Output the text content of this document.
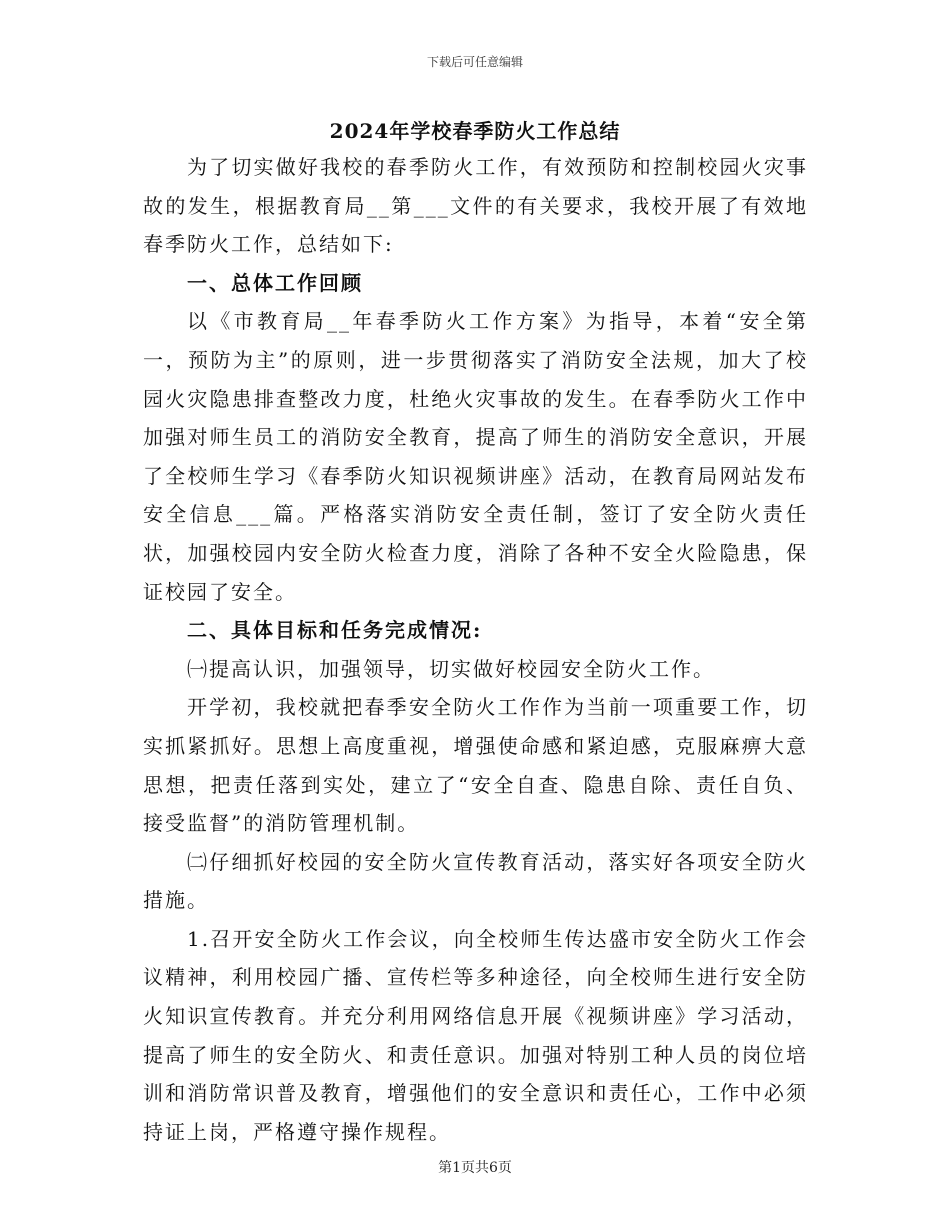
下载后可任意编辑
2024年学校春季防火工作总结

为了切实做好我校的春季防火工作，有效预防和控制校园火灾事故的发生，根据教育局__第___文件的有关要求，我校开展了有效地春季防火工作，总结如下:

一、总体工作回顾

以《市教育局__年春季防火工作方案》为指导，本着“安全第一，预防为主”的原则，进一步贯彻落实了消防安全法规，加大了校园火灾隐患排查整改力度，杜绝火灾事故的发生。在春季防火工作中加强对师生员工的消防安全教育，提高了师生的消防安全意识，开展了全校师生学习《春季防火知识视频讲座》活动，在教育局网站发布安全信息___篇。严格落实消防安全责任制，签订了安全防火责任状，加强校园内安全防火检查力度，消除了各种不安全火险隐患，保证校园了安全。

二、具体目标和任务完成情况:

㈠提高认识，加强领导，切实做好校园安全防火工作。

开学初，我校就把春季安全防火工作作为当前一项重要工作，切实抓紧抓好。思想上高度重视，增强使命感和紧迫感，克服麻痹大意思想，把责任落到实处，建立了“安全自查、隐患自除、责任自负、接受监督”的消防管理机制。

㈡仔细抓好校园的安全防火宣传教育活动，落实好各项安全防火措施。

1.召开安全防火工作会议，向全校师生传达盛市安全防火工作会议精神，利用校园广播、宣传栏等多种途径，向全校师生进行安全防火知识宣传教育。并充分利用网络信息开展《视频讲座》学习活动，提高了师生的安全防火、和责任意识。加强对特别工种人员的岗位培训和消防常识普及教育，增强他们的安全意识和责任心，工作中必须持证上岗，严格遵守操作规程。

第1页共6页
